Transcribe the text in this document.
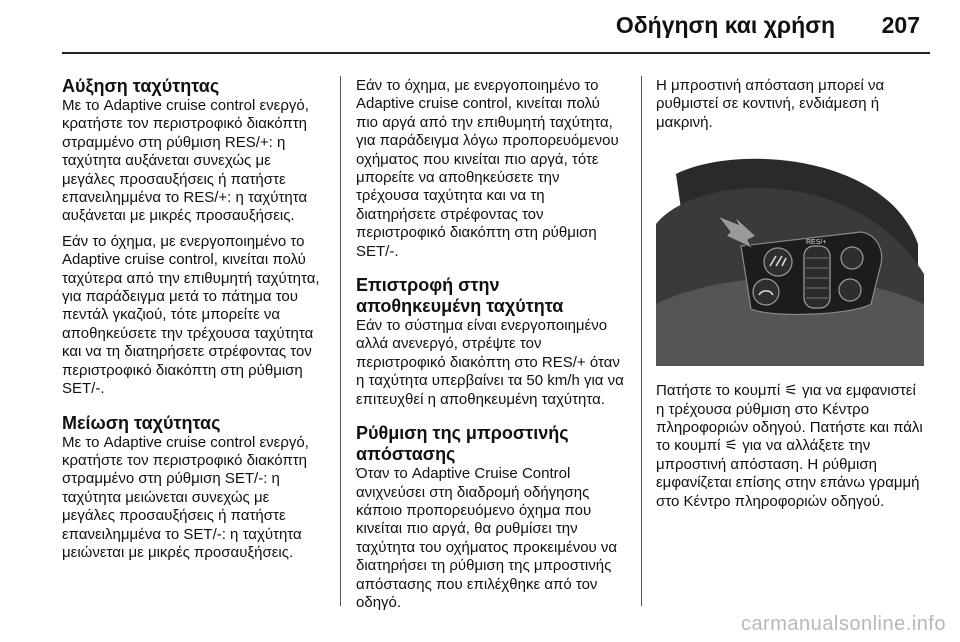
Οδήγηση και χρήση 207
Αύξηση ταχύτητας

Με το Adaptive cruise control ενεργό, κρατήστε τον περιστροφικό διακόπτη στραμμένο στη ρύθμιση RES/+: η ταχύτητα αυξάνεται συνεχώς με μεγάλες προσαυξήσεις ή πατήστε επανειλημμένα το RES/+: η ταχύτητα αυξάνεται με μικρές προσαυξήσεις.

Εάν το όχημα, με ενεργοποιημένο το Adaptive cruise control, κινείται πολύ ταχύτερα από την επιθυμητή ταχύτητα, για παράδειγμα μετά το πάτημα του πεντάλ γκαζιού, τότε μπορείτε να αποθηκεύσετε την τρέχουσα ταχύτητα και να τη διατηρήσετε στρέφοντας τον περιστροφικό διακόπτη στη ρύθμιση SET/-.

Μείωση ταχύτητας

Με το Adaptive cruise control ενεργό, κρατήστε τον περιστροφικό διακόπτη στραμμένο στη ρύθμιση SET/-: η ταχύτητα μειώνεται συνεχώς με μεγάλες προσαυξήσεις ή πατήστε επανειλημμένα το SET/-: η ταχύτητα μειώνεται με μικρές προσαυξήσεις.

Εάν το όχημα, με ενεργοποιημένο το Adaptive cruise control, κινείται πολύ πιο αργά από την επιθυμητή ταχύτητα, για παράδειγμα λόγω προπορευόμενου οχήματος που κινείται πιο αργά, τότε μπορείτε να αποθηκεύσετε την τρέχουσα ταχύτητα και να τη διατηρήσετε στρέφοντας τον περιστροφικό διακόπτη στη ρύθμιση SET/-.

Επιστροφή στην αποθηκευμένη ταχύτητα

Εάν το σύστημα είναι ενεργοποιημένο αλλά ανενεργό, στρέψτε τον περιστροφικό διακόπτη στο RES/+ όταν η ταχύτητα υπερβαίνει τα 50 km/h για να επιτευχθεί η αποθηκευμένη ταχύτητα.

Ρύθμιση της μπροστινής απόστασης

Όταν το Adaptive Cruise Control ανιχνεύσει στη διαδρομή οδήγησης κάποιο προπορευόμενο όχημα που κινείται πιο αργά, θα ρυθμίσει την ταχύτητα του οχήματος προκειμένου να διατηρήσει τη ρύθμιση της μπροστινής απόστασης που επιλέχθηκε από τον οδηγό.

Η μπροστινή απόσταση μπορεί να ρυθμιστεί σε κοντινή, ενδιάμεση ή μακρινή.

RES/+

Πατήστε το κουμπί ⚟ για να εμφανιστεί η τρέχουσα ρύθμιση στο Κέντρο πληροφοριών οδηγού. Πατήστε και πάλι το κουμπί ⚟ για να αλλάξετε την μπροστινή απόσταση. Η ρύθμιση εμφανίζεται επίσης στην επάνω γραμμή στο Κέντρο πληροφοριών οδηγού.

carmanualsonline.info
